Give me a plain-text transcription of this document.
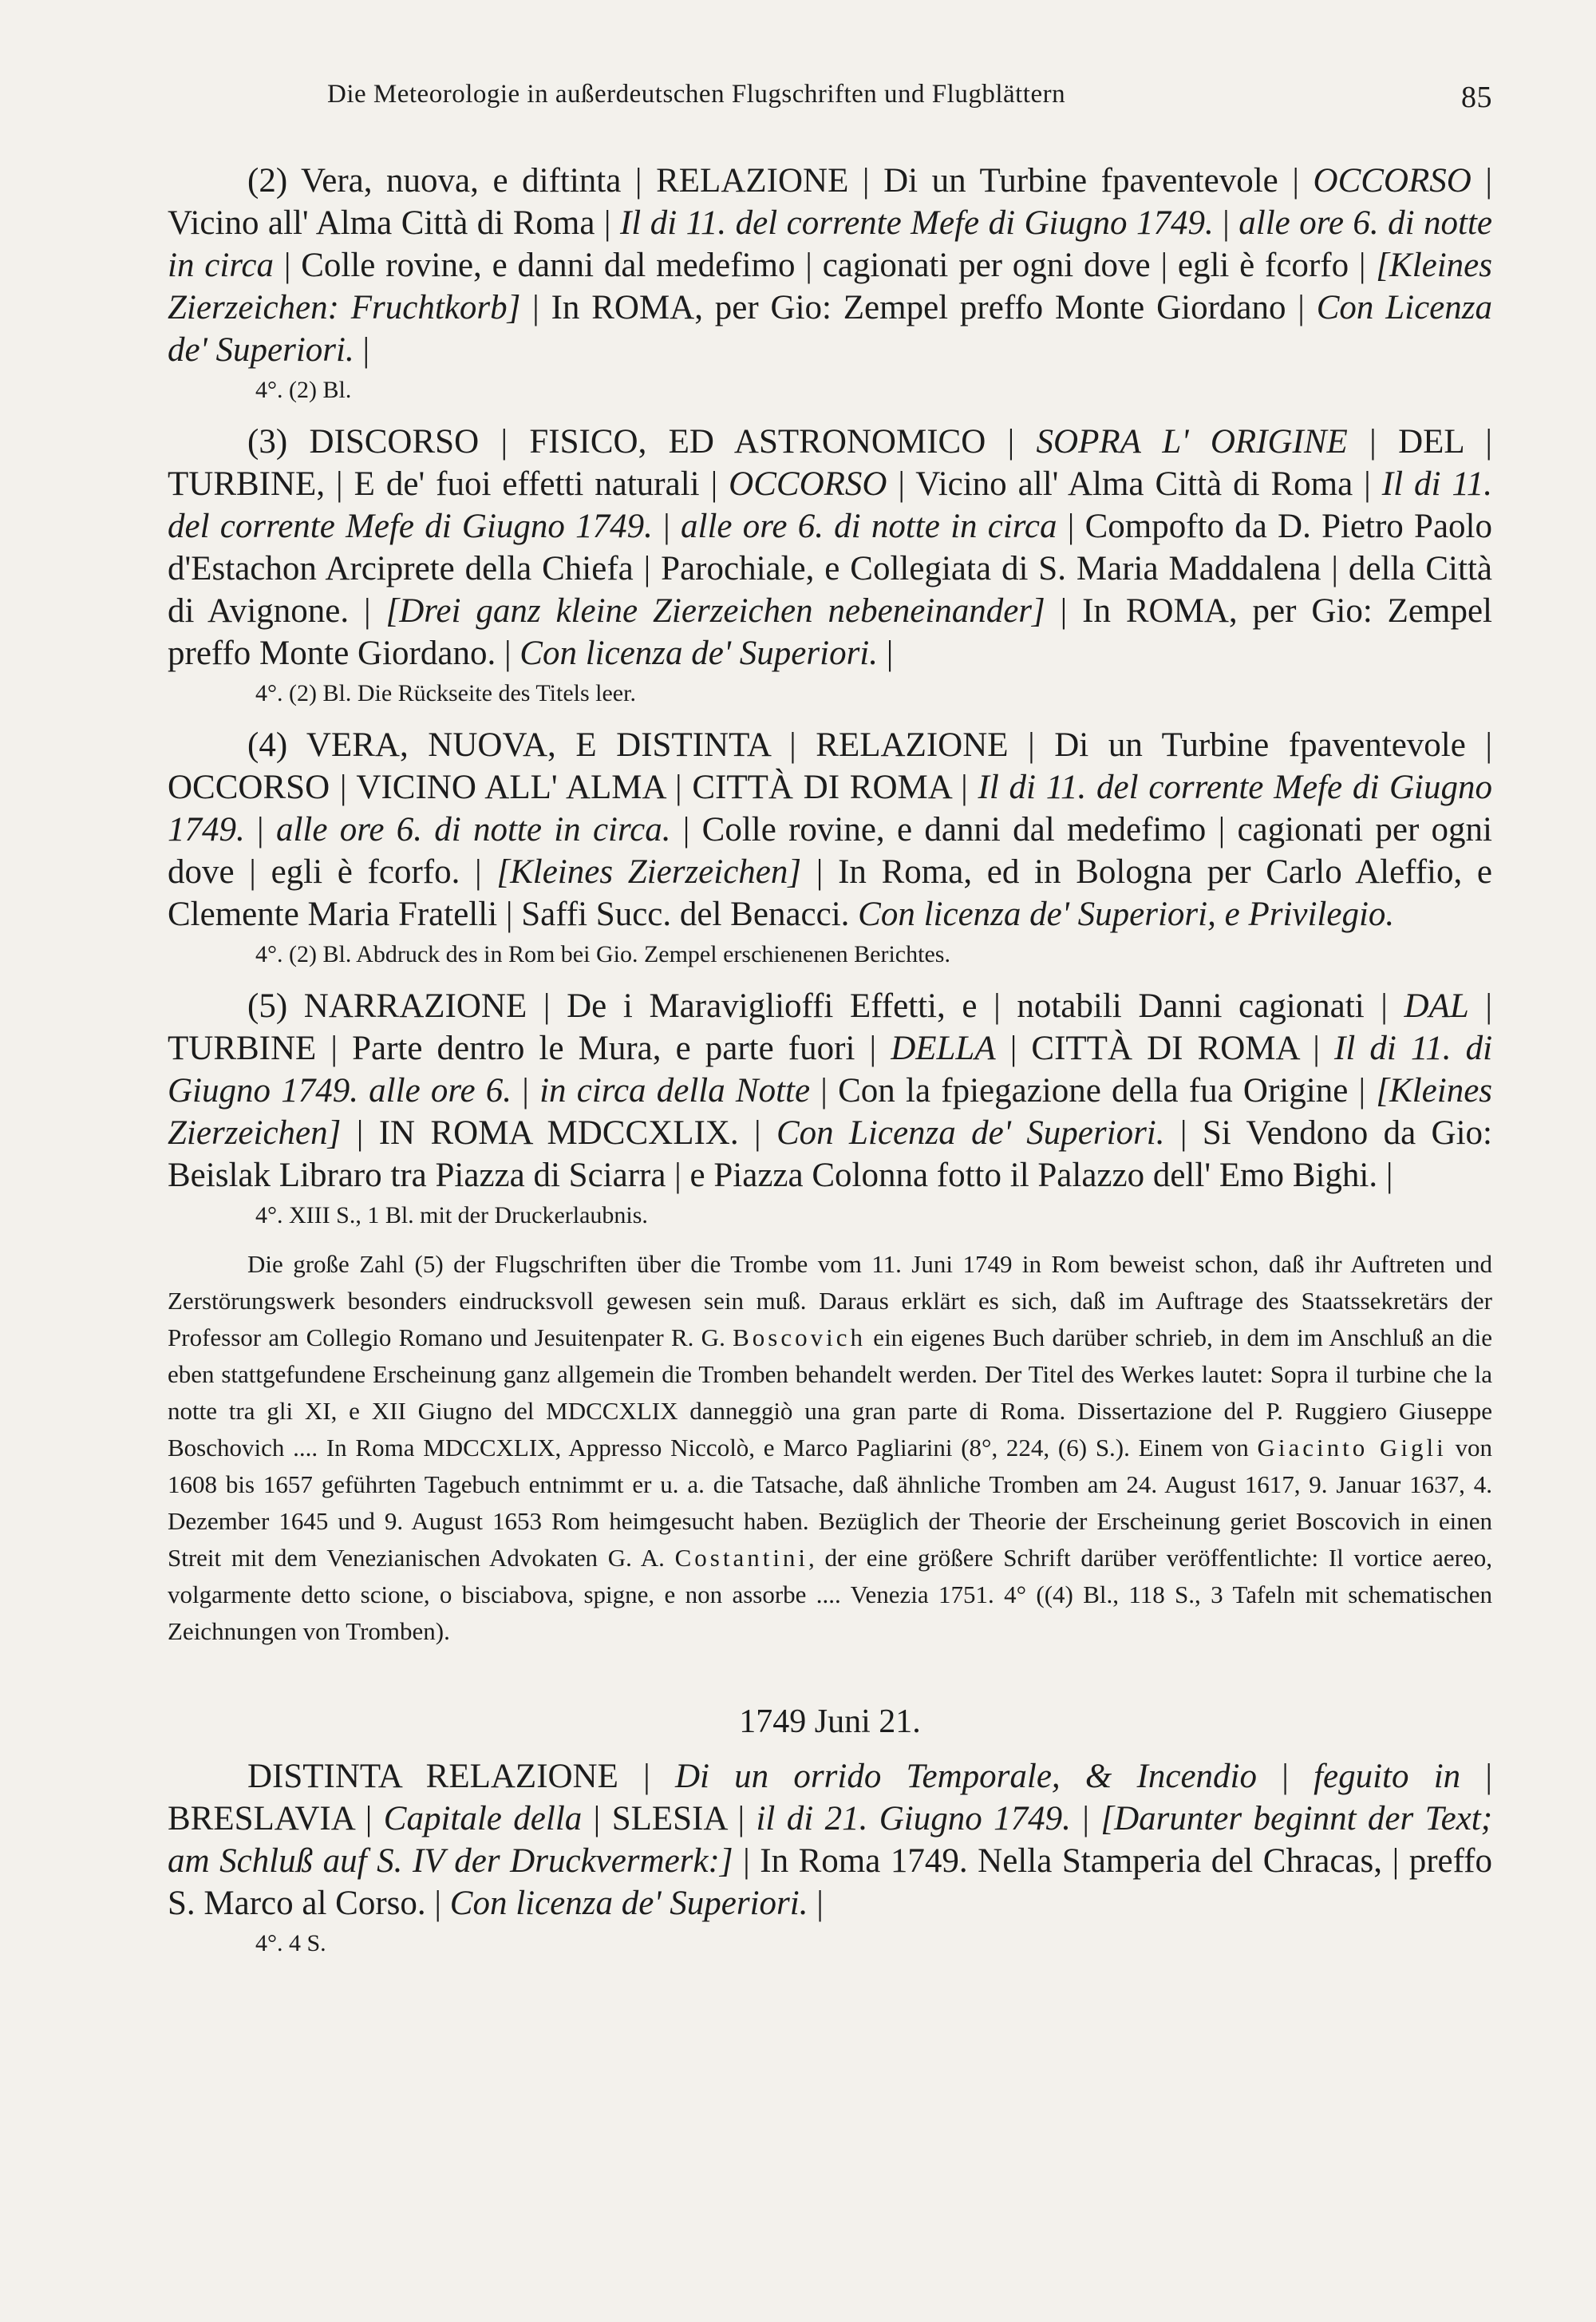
Die Meteorologie in außerdeutschen Flugschriften und Flugblättern	85

(2) Vera, nuova, e diftinta | RELAZIONE | Di un Turbine fpaventevole | OCCORSO | Vicino all' Alma Città di Roma | Il di 11. del corrente Mefe di Giugno 1749. | alle ore 6. di notte in circa | Colle rovine, e danni dal medefimo | cagionati per ogni dove | egli è fcorfo | [Kleines Zierzeichen: Fruchtkorb] | In ROMA, per Gio: Zempel preffo Monte Giordano | Con Licenza de' Superiori. |

4°. (2) Bl.

(3) DISCORSO | FISICO, ED ASTRONOMICO | SOPRA L' ORIGINE | DEL | TURBINE, | E de' fuoi effetti naturali | OCCORSO | Vicino all' Alma Città di Roma | Il di 11. del corrente Mefe di Giugno 1749. | alle ore 6. di notte in circa | Compofto da D. Pietro Paolo d'Estachon Arciprete della Chiefa | Parochiale, e Collegiata di S. Maria Maddalena | della Città di Avignone. | [Drei ganz kleine Zierzeichen nebeneinander] | In ROMA, per Gio: Zempel preffo Monte Giordano. | Con licenza de' Superiori. |

4°. (2) Bl. Die Rückseite des Titels leer.

(4) VERA, NUOVA, E DISTINTA | RELAZIONE | Di un Turbine fpaventevole | OCCORSO | VICINO ALL' ALMA | CITTÀ DI ROMA | Il di 11. del corrente Mefe di Giugno 1749. | alle ore 6. di notte in circa. | Colle rovine, e danni dal medefimo | cagionati per ogni dove | egli è fcorfo. | [Kleines Zierzeichen] | In Roma, ed in Bologna per Carlo Aleffio, e Clemente Maria Fratelli | Saffi Succ. del Benacci. Con licenza de' Superiori, e Privilegio.

4°. (2) Bl. Abdruck des in Rom bei Gio. Zempel erschienenen Berichtes.

(5) NARRAZIONE | De i Maraviglioffi Effetti, e | notabili Danni cagionati | DAL | TURBINE | Parte dentro le Mura, e parte fuori | DELLA | CITTÀ DI ROMA | Il di 11. di Giugno 1749. alle ore 6. | in circa della Notte | Con la fpiegazione della fua Origine | [Kleines Zierzeichen] | IN ROMA MDCCXLIX. | Con Licenza de' Superiori. | Si Vendono da Gio: Beislak Libraro tra Piazza di Sciarra | e Piazza Colonna fotto il Palazzo dell' Emo Bighi. |

4°. XIII S., 1 Bl. mit der Druckerlaubnis.

Die große Zahl (5) der Flugschriften über die Trombe vom 11. Juni 1749 in Rom beweist schon, daß ihr Auftreten und Zerstörungswerk besonders eindrucksvoll gewesen sein muß. Daraus erklärt es sich, daß im Auftrage des Staatssekretärs der Professor am Collegio Romano und Jesuitenpater R. G. Boscovich ein eigenes Buch darüber schrieb, in dem im Anschluß an die eben stattgefundene Erscheinung ganz allgemein die Tromben behandelt werden. Der Titel des Werkes lautet: Sopra il turbine che la notte tra gli XI, e XII Giugno del MDCCXLIX danneggiò una gran parte di Roma. Dissertazione del P. Ruggiero Giuseppe Boschovich .... In Roma MDCCXLIX, Appresso Niccolò, e Marco Pagliarini (8°, 224, (6) S.). Einem von Giacinto Gigli von 1608 bis 1657 geführten Tagebuch entnimmt er u. a. die Tatsache, daß ähnliche Tromben am 24. August 1617, 9. Januar 1637, 4. Dezember 1645 und 9. August 1653 Rom heimgesucht haben. Bezüglich der Theorie der Erscheinung geriet Boscovich in einen Streit mit dem Venezianischen Advokaten G. A. Costantini, der eine größere Schrift darüber veröffentlichte: Il vortice aereo, volgarmente detto scione, o bisciabova, spigne, e non assorbe .... Venezia 1751. 4° ((4) Bl., 118 S., 3 Tafeln mit schematischen Zeichnungen von Tromben).

1749 Juni 21.

DISTINTA RELAZIONE | Di un orrido Temporale, & Incendio | feguito in | BRESLAVIA | Capitale della | SLESIA | il di 21. Giugno 1749. | [Darunter beginnt der Text; am Schluß auf S. IV der Druckvermerk:] | In Roma 1749. Nella Stamperia del Chracas, | preffo S. Marco al Corso. | Con licenza de' Superiori. |

4°. 4 S.
